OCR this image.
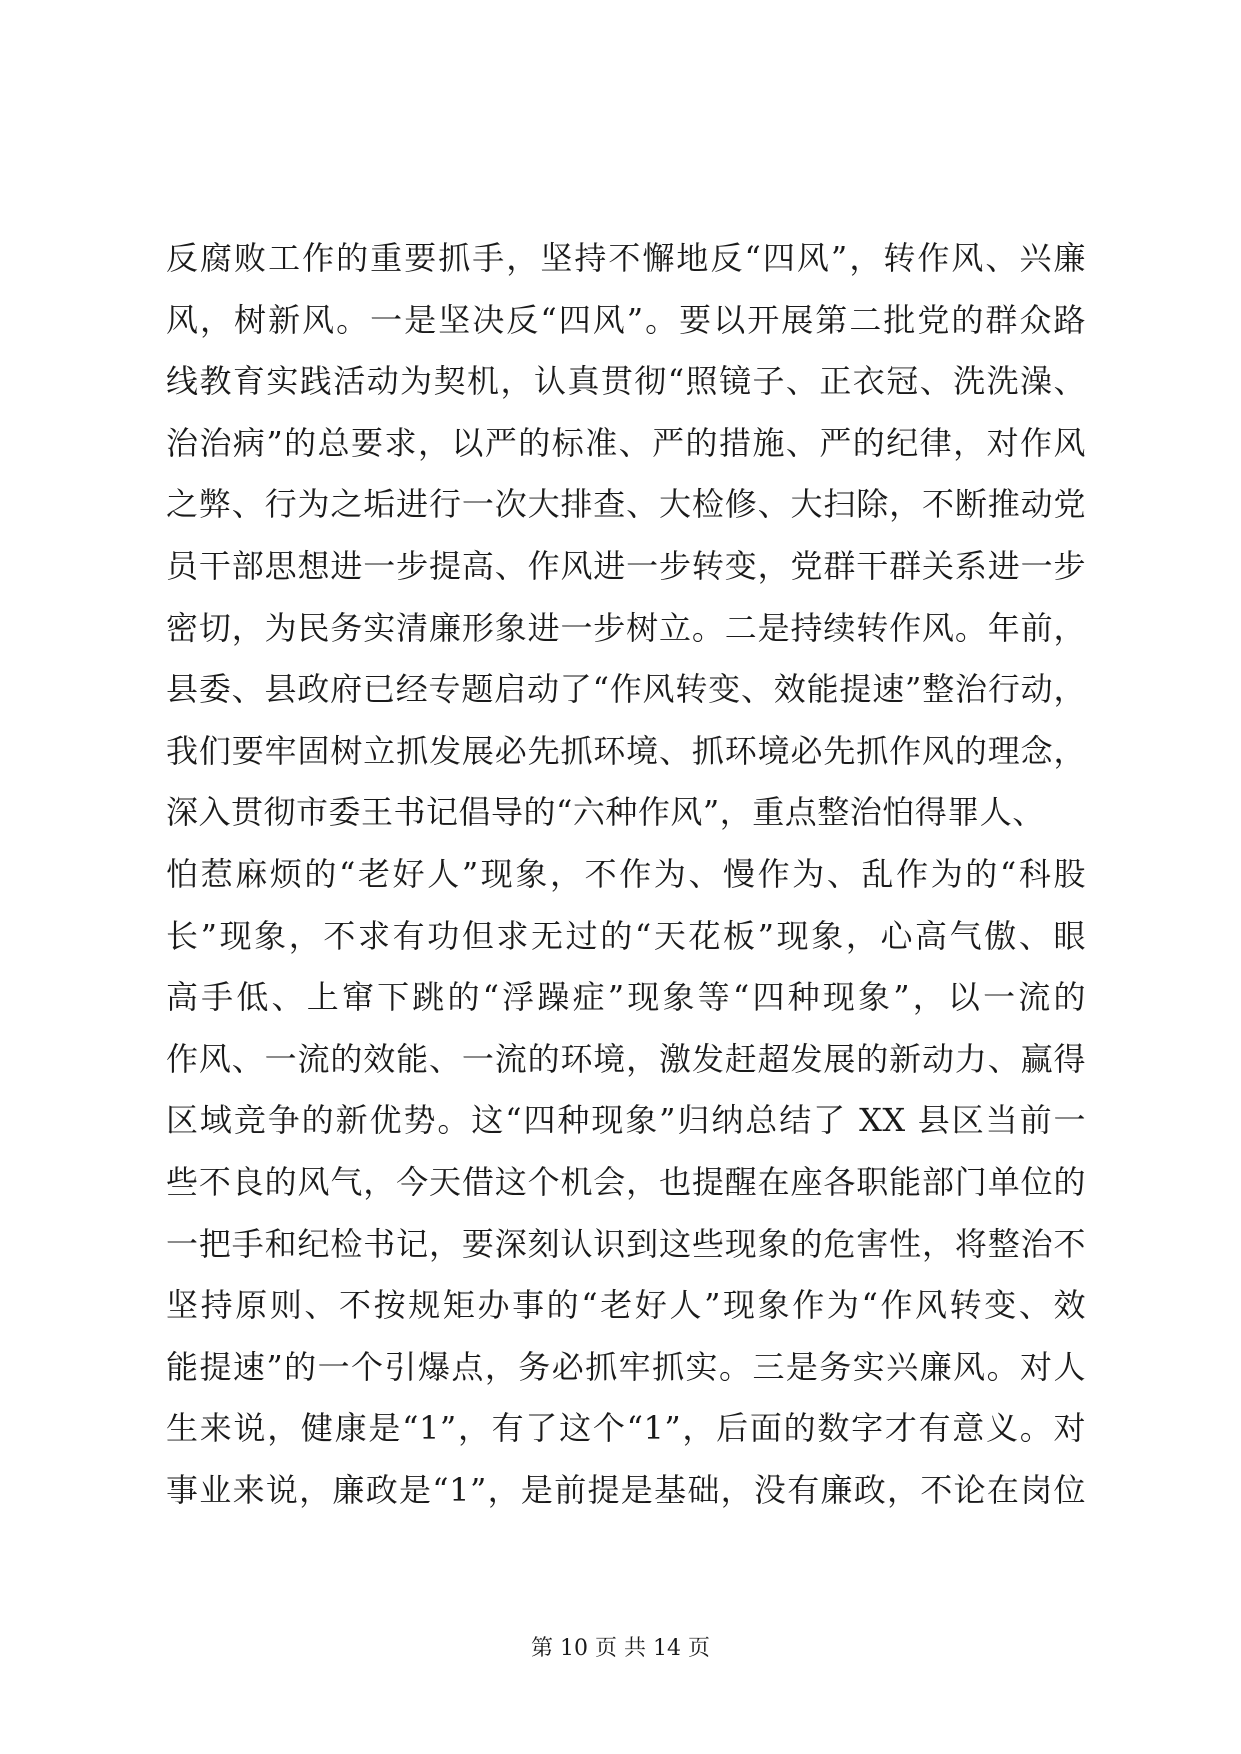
反腐败工作的重要抓手，坚持不懈地反“四风”，转作风、兴廉
风，树新风。一是坚决反“四风”。要以开展第二批党的群众路
线教育实践活动为契机，认真贯彻“照镜子、正衣冠、洗洗澡、
治治病”的总要求，以严的标准、严的措施、严的纪律，对作风
之弊、行为之垢进行一次大排查、大检修、大扫除，不断推动党
员干部思想进一步提高、作风进一步转变，党群干群关系进一步
密切，为民务实清廉形象进一步树立。二是持续转作风。年前，
县委、县政府已经专题启动了“作风转变、效能提速”整治行动，
我们要牢固树立抓发展必先抓环境、抓环境必先抓作风的理念，
深入贯彻市委王书记倡导的“六种作风”，重点整治怕得罪人、
怕惹麻烦的“老好人”现象，不作为、慢作为、乱作为的“科股
长”现象，不求有功但求无过的“天花板”现象，心高气傲、眼
高手低、上窜下跳的“浮躁症”现象等“四种现象”，以一流的
作风、一流的效能、一流的环境，激发赶超发展的新动力、赢得
区域竞争的新优势。这“四种现象”归纳总结了 XX 县区当前一
些不良的风气，今天借这个机会，也提醒在座各职能部门单位的
一把手和纪检书记，要深刻认识到这些现象的危害性，将整治不
坚持原则、不按规矩办事的“老好人”现象作为“作风转变、效
能提速”的一个引爆点，务必抓牢抓实。三是务实兴廉风。对人
生来说，健康是“1”，有了这个“1”，后面的数字才有意义。对
事业来说，廉政是“1”，是前提是基础，没有廉政，不论在岗位
第 10 页 共 14 页
